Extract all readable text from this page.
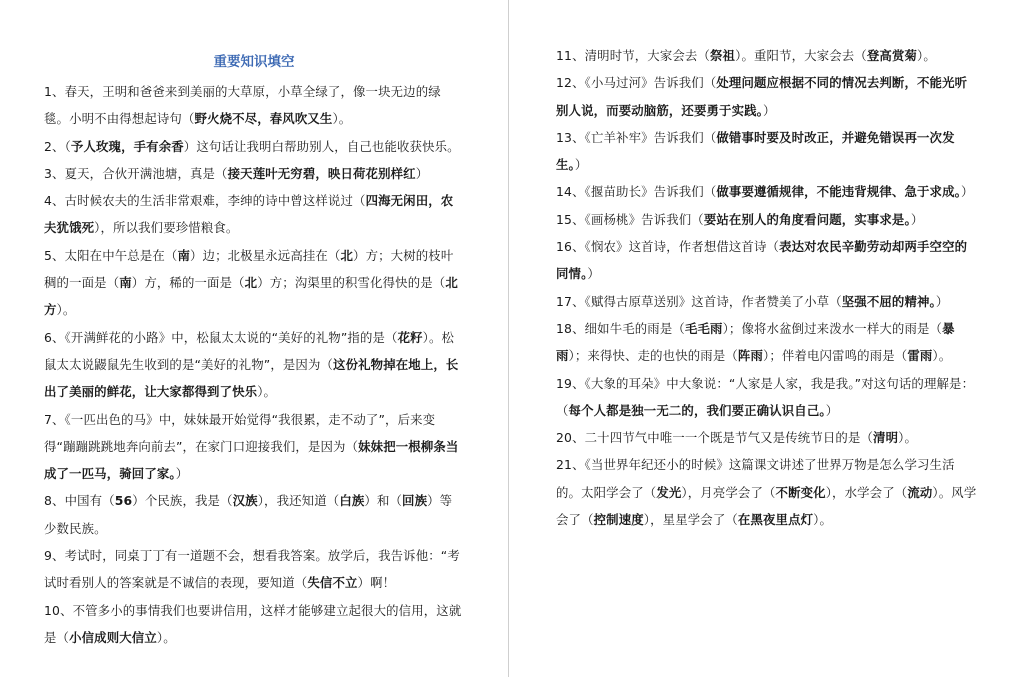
重要知识填空

1、春天，王明和爸爸来到美丽的大草原，小草全绿了，像一块无边的绿毯。小明不由得想起诗句（野火烧不尽，春风吹又生）。

2、（予人玫瑰，手有余香）这句话让我明白帮助别人，自己也能收获快乐。

3、夏天，合伙开满池塘，真是（接天莲叶无穷碧，映日荷花别样红）

4、古时候农夫的生活非常艰难，李绅的诗中曾这样说过（四海无闲田，农夫犹饿死），所以我们要珍惜粮食。

5、太阳在中午总是在（南）边；北极星永远高挂在（北）方；大树的枝叶稠的一面是（南）方，稀的一面是（北）方；沟渠里的积雪化得快的是（北方）。

6、《开满鲜花的小路》中，松鼠太太说的“美好的礼物”指的是（花籽）。松鼠太太说鼹鼠先生收到的是“美好的礼物”，是因为（这份礼物掉在地上，长出了美丽的鲜花，让大家都得到了快乐）。

7、《一匹出色的马》中，妹妹最开始觉得“我很累，走不动了”，后来变得“蹦蹦跳跳地奔向前去”，在家门口迎接我们，是因为（妹妹把一根柳条当成了一匹马，骑回了家。）

8、中国有（56）个民族，我是（汉族），我还知道（白族）和（回族）等少数民族。

9、考试时，同桌丁丁有一道题不会，想看我答案。放学后，我告诉他：“考试时看别人的答案就是不诚信的表现，要知道（失信不立）啊！

10、不管多小的事情我们也要讲信用，这样才能够建立起很大的信用，这就是（小信成则大信立）。

11、清明时节，大家会去（祭祖）。重阳节，大家会去（登高赏菊）。

12、《小马过河》告诉我们（处理问题应根据不同的情况去判断，不能光听别人说，而要动脑筋，还要勇于实践。）

13、《亡羊补牢》告诉我们（做错事时要及时改正，并避免错误再一次发生。）

14、《揠苗助长》告诉我们（做事要遵循规律，不能违背规律、急于求成。）

15、《画杨桃》告诉我们（要站在别人的角度看问题，实事求是。）

16、《悯农》这首诗，作者想借这首诗（表达对农民辛勤劳动却两手空空的同情。）

17、《赋得古原草送别》这首诗，作者赞美了小草（坚强不屈的精神。）

18、细如牛毛的雨是（毛毛雨）；像将水盆倒过来泼水一样大的雨是（暴雨）；来得快、走的也快的雨是（阵雨）；伴着电闪雷鸣的雨是（雷雨）。

19、《大象的耳朵》中大象说：“人家是人家，我是我。”对这句话的理解是：（每个人都是独一无二的，我们要正确认识自己。）

20、二十四节气中唯一一个既是节气又是传统节日的是（清明）。

21、《当世界年纪还小的时候》这篇课文讲述了世界万物是怎么学习生活的。太阳学会了（发光），月亮学会了（不断变化），水学会了（流动）。风学会了（控制速度），星星学会了（在黑夜里点灯）。
